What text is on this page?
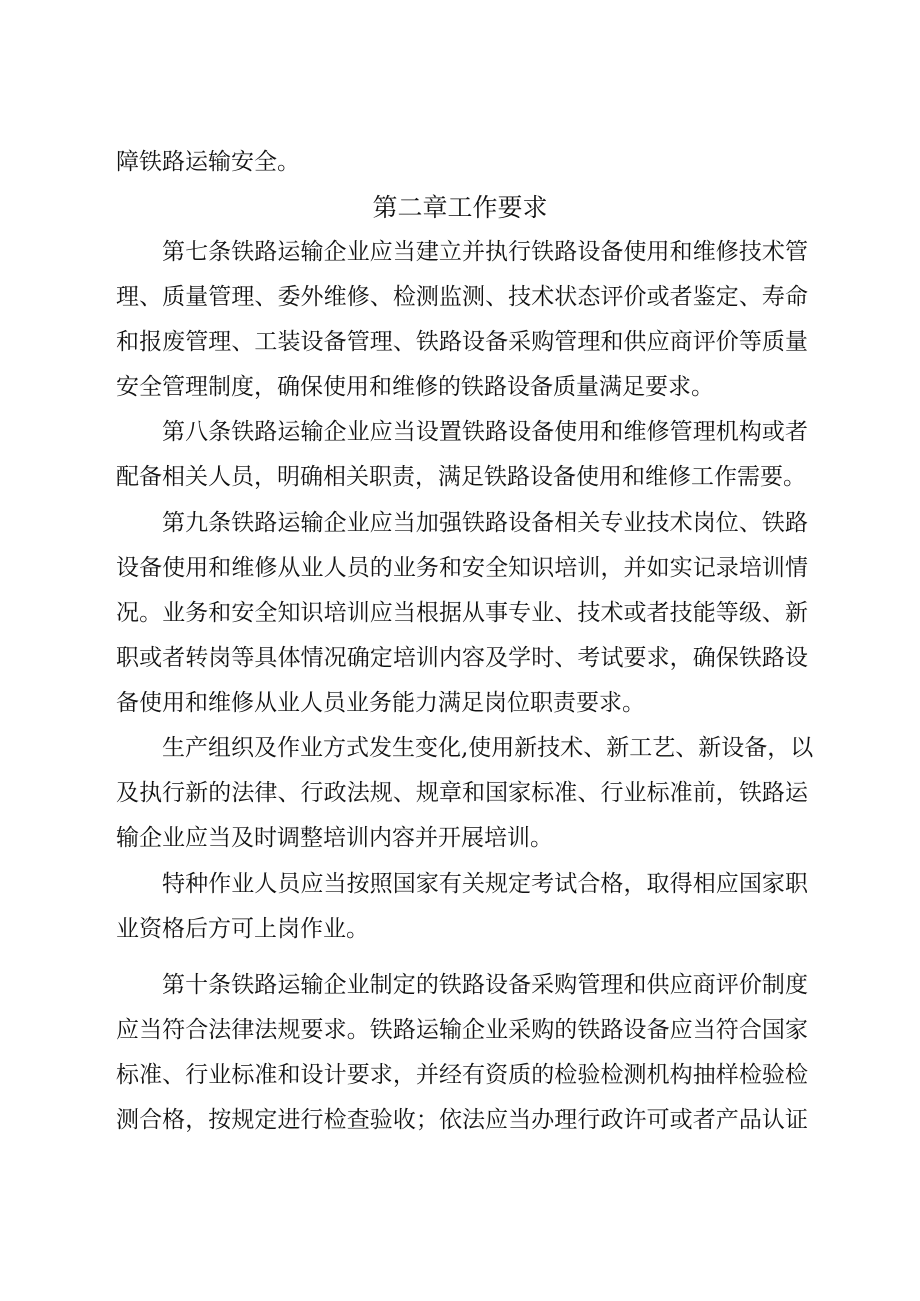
障铁路运输安全。
第二章工作要求
第七条铁路运输企业应当建立并执行铁路设备使用和维修技术管
理、质量管理、委外维修、检测监测、技术状态评价或者鉴定、寿命
和报废管理、工装设备管理、铁路设备采购管理和供应商评价等质量
安全管理制度，确保使用和维修的铁路设备质量满足要求。
第八条铁路运输企业应当设置铁路设备使用和维修管理机构或者
配备相关人员，明确相关职责，满足铁路设备使用和维修工作需要。
第九条铁路运输企业应当加强铁路设备相关专业技术岗位、铁路
设备使用和维修从业人员的业务和安全知识培训，并如实记录培训情
况。业务和安全知识培训应当根据从事专业、技术或者技能等级、新
职或者转岗等具体情况确定培训内容及学时、考试要求，确保铁路设
备使用和维修从业人员业务能力满足岗位职责要求。
生产组织及作业方式发生变化,使用新技术、新工艺、新设备，以
及执行新的法律、行政法规、规章和国家标准、行业标准前，铁路运
输企业应当及时调整培训内容并开展培训。
特种作业人员应当按照国家有关规定考试合格，取得相应国家职
业资格后方可上岗作业。
第十条铁路运输企业制定的铁路设备采购管理和供应商评价制度
应当符合法律法规要求。铁路运输企业采购的铁路设备应当符合国家
标准、行业标准和设计要求，并经有资质的检验检测机构抽样检验检
测合格，按规定进行检查验收；依法应当办理行政许可或者产品认证
